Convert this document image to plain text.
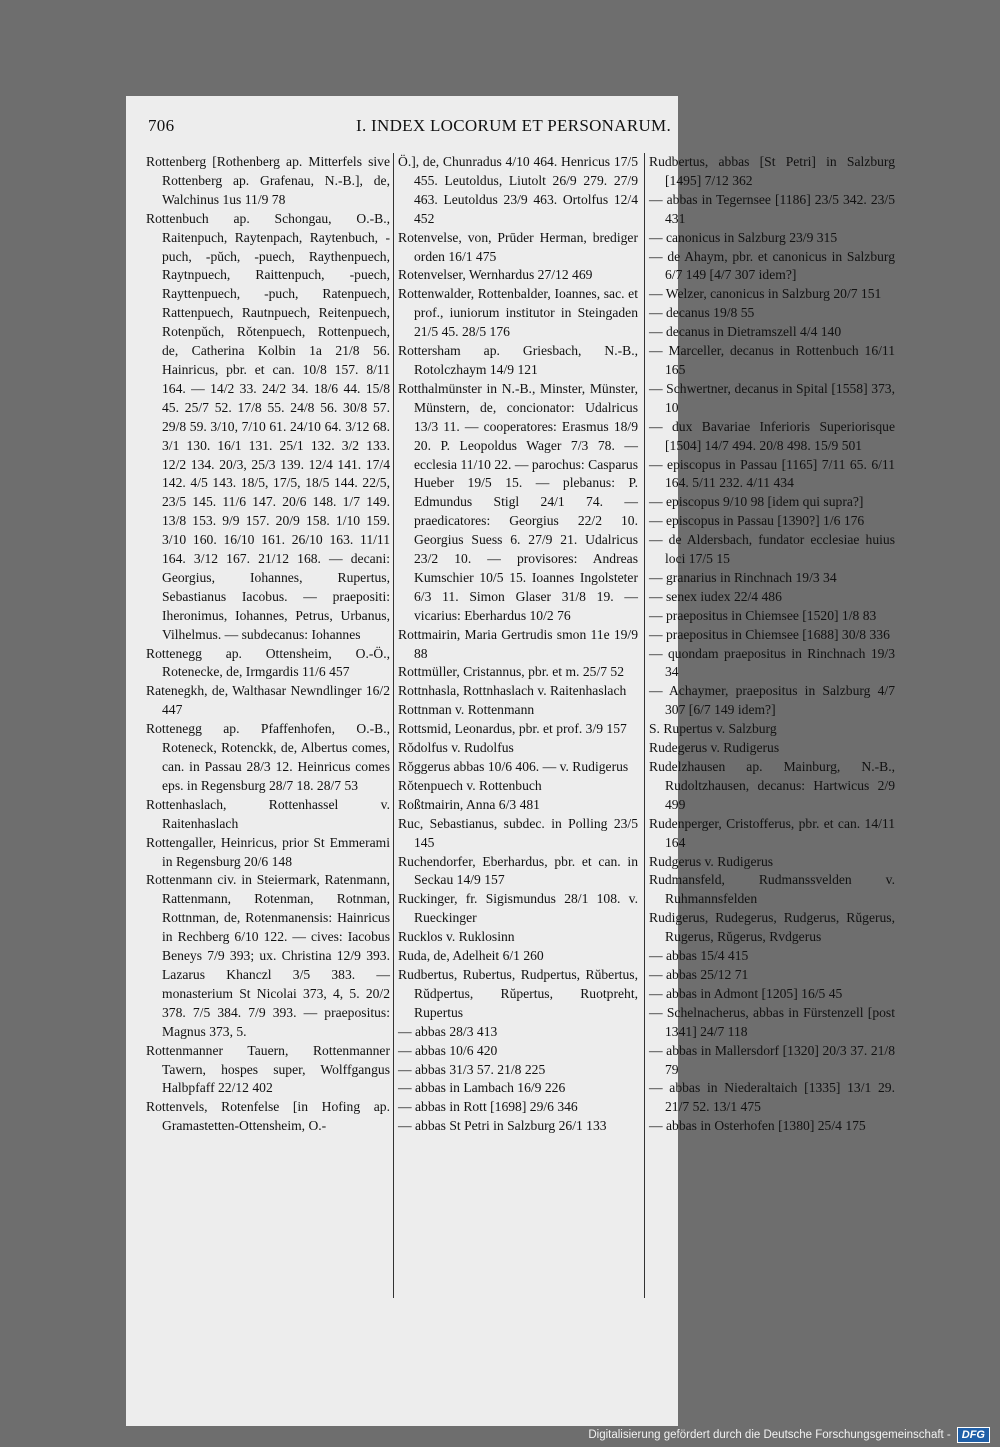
706	I. INDEX LOCORUM ET PERSONARUM.

Rottenberg [Rothenberg ap. Mitterfels sive Rottenberg ap. Grafenau, N.-B.], de, Walchinus 1us 11/9 78

Rottenbuch ap. Schongau, O.-B., Raitenpuch, Raytenpach, Raytenbuch, -puch, -pŭch, -puech, Raythenpuech, Raytnpuech, Raittenpuch, -puech, Rayttenpuech, -puch, Ratenpuech, Rattenpuech, Rautnpuech, Reitenpuech, Rotenpŭch, Rŏtenpuech, Rottenpuech, de, Catherina Kolbin 1a 21/8 56. Hainricus, pbr. et can. 10/8 157. 8/11 164. — 14/2 33. 24/2 34. 18/6 44. 15/8 45. 25/7 52. 17/8 55. 24/8 56. 30/8 57. 29/8 59. 3/10, 7/10 61. 24/10 64. 3/12 68. 3/1 130. 16/1 131. 25/1 132. 3/2 133. 12/2 134. 20/3, 25/3 139. 12/4 141. 17/4 142. 4/5 143. 18/5, 17/5, 18/5 144. 22/5, 23/5 145. 11/6 147. 20/6 148. 1/7 149. 13/8 153. 9/9 157. 20/9 158. 1/10 159. 3/10 160. 16/10 161. 26/10 163. 11/11 164. 3/12 167. 21/12 168. — decani: Georgius, Iohannes, Rupertus, Sebastianus Iacobus. — praepositi: Iheronimus, Iohannes, Petrus, Urbanus, Vilhelmus. — subdecanus: Iohannes

Rottenegg ap. Ottensheim, O.-Ö., Rotenecke, de, Irmgardis 11/6 457

Ratenegkh, de, Walthasar Newndlinger 16/2 447

Rottenegg ap. Pfaffenhofen, O.-B., Roteneck, Rotenckk, de, Albertus comes, can. in Passau 28/3 12. Heinricus comes eps. in Regensburg 28/7 18. 28/7 53

Rottenhaslach, Rottenhassel v. Raitenhaslach

Rottengaller, Heinricus, prior St Emmerami in Regensburg 20/6 148

Rottenmann civ. in Steiermark, Ratenmann, Rattenmann, Rotenman, Rotnman, Rottnman, de, Rotenmanensis: Hainricus in Rechberg 6/10 122. — cives: Iacobus Beneys 7/9 393; ux. Christina 12/9 393. Lazarus Khanczl 3/5 383. — monasterium St Nicolai 373, 4, 5. 20/2 378. 7/5 384. 7/9 393. — praepositus: Magnus 373, 5.

Rottenmanner Tauern, Rottenmanner Tawern, hospes super, Wolffgangus Halbpfaff 22/12 402

Rottenvels, Rotenfelse [in Hofing ap. Gramastetten-Ottensheim, O.-

Ö.], de, Chunradus 4/10 464. Henricus 17/5 455. Leutoldus, Liutolt 26/9 279. 27/9 463. Leutoldus 23/9 463. Ortolfus 12/4 452

Rotenvelse, von, Prūder Herman, brediger orden 16/1 475

Rotenvelser, Wernhardus 27/12 469

Rottenwalder, Rottenbalder, Ioannes, sac. et prof., iuniorum institutor in Steingaden 21/5 45. 28/5 176

Rottersham ap. Griesbach, N.-B., Rotolczhaym 14/9 121

Rotthalmünster in N.-B., Minster, Münster, Münstern, de, concionator: Udalricus 13/3 11. — cooperatores: Erasmus 18/9 20. P. Leopoldus Wager 7/3 78. — ecclesia 11/10 22. — parochus: Casparus Hueber 19/5 15. — plebanus: P. Edmundus Stigl 24/1 74. — praedicatores: Georgius 22/2 10. Georgius Suess 6. 27/9 21. Udalricus 23/2 10. — provisores: Andreas Kumschier 10/5 15. Ioannes Ingolsteter 6/3 11. Simon Glaser 31/8 19. — vicarius: Eberhardus 10/2 76

Rottmairin, Maria Gertrudis smon 11e 19/9 88

Rottmüller, Cristannus, pbr. et m. 25/7 52

Rottnhasla, Rottnhaslach v. Raitenhaslach

Rottnman v. Rottenmann

Rottsmid, Leonardus, pbr. et prof. 3/9 157

Rŏdolfus v. Rudolfus

Rŏggerus abbas 10/6 406. — v. Rudigerus

Rŏtenpuech v. Rottenbuch

Roßtmairin, Anna 6/3 481

Ruc, Sebastianus, subdec. in Polling 23/5 145

Ruchendorfer, Eberhardus, pbr. et can. in Seckau 14/9 157

Ruckinger, fr. Sigismundus 28/1 108. v. Rueckinger

Rucklos v. Ruklosinn

Ruda, de, Adelheit 6/1 260

Rudbertus, Rubertus, Rudpertus, Rŭbertus, Rŭdpertus, Rŭpertus, Ruotpreht, Rupertus

— abbas 28/3 413

— abbas 10/6 420

— abbas 31/3 57. 21/8 225

— abbas in Lambach 16/9 226

— abbas in Rott [1698] 29/6 346

— abbas St Petri in Salzburg 26/1 133

Rudbertus, abbas [St Petri] in Salzburg [1495] 7/12 362

— abbas in Tegernsee [1186] 23/5 342. 23/5 431

— canonicus in Salzburg 23/9 315

— de Ahaym, pbr. et canonicus in Salzburg 6/7 149 [4/7 307 idem?]

— Welzer, canonicus in Salzburg 20/7 151

— decanus 19/8 55

— decanus in Dietramszell 4/4 140

— Marceller, decanus in Rottenbuch 16/11 165

— Schwertner, decanus in Spital [1558] 373, 10

— dux Bavariae Inferioris Superiorisque [1504] 14/7 494. 20/8 498. 15/9 501

— episcopus in Passau [1165] 7/11 65. 6/11 164. 5/11 232. 4/11 434

— episcopus 9/10 98 [idem qui supra?]

— episcopus in Passau [1390?] 1/6 176

— de Aldersbach, fundator ecclesiae huius loci 17/5 15

— granarius in Rinchnach 19/3 34

— senex iudex 22/4 486

— praepositus in Chiemsee [1520] 1/8 83

— praepositus in Chiemsee [1688] 30/8 336

— quondam praepositus in Rinchnach 19/3 34

— Achaymer, praepositus in Salzburg 4/7 307 [6/7 149 idem?]

S. Rupertus v. Salzburg

Rudegerus v. Rudigerus

Rudelzhausen ap. Mainburg, N.-B., Rudoltzhausen, decanus: Hartwicus 2/9 499

Rudenperger, Cristofferus, pbr. et can. 14/11 164

Rudgerus v. Rudigerus

Rudmansfeld, Rudmanssvelden v. Ruhmannsfelden

Rudigerus, Rudegerus, Rudgerus, Rŭgerus, Rugerus, Rŭgerus, Rvdgerus

— abbas 15/4 415

— abbas 25/12 71

— abbas in Admont [1205] 16/5 45

— Schelnacherus, abbas in Fürstenzell [post 1341] 24/7 118

— abbas in Mallersdorf [1320] 20/3 37. 21/8 79

— abbas in Niederaltaich [1335] 13/1 29. 21/7 52. 13/1 475

— abbas in Osterhofen [1380] 25/4 175

Digitalisierung gefördert durch die Deutsche Forschungsgemeinschaft -	DFG
